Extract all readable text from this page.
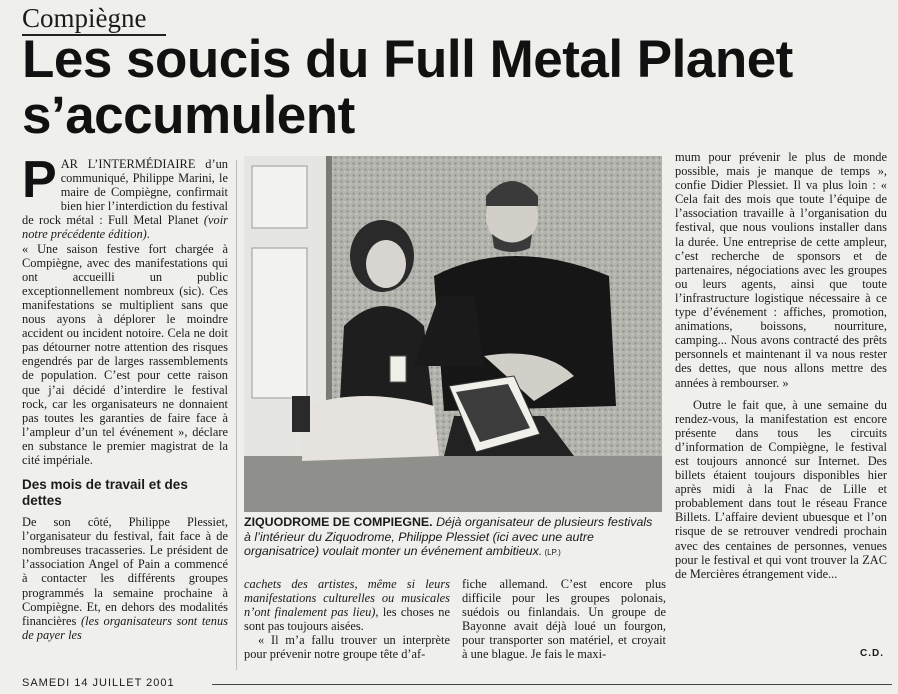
Compiègne
Les soucis du Full Metal Planet
s’accumulent

PAR L’INTERMÉDIAIRE d’un communiqué, Philippe Marini, le maire de Compiègne, confirmait bien hier l’interdiction du festival de rock métal : Full Metal Planet (voir notre précédente édition).

« Une saison festive fort chargée à Compiègne, avec des manifestations qui ont accueilli un public exceptionnellement nombreux (sic). Ces manifestations se multiplient sans que nous ayons à déplorer le moindre accident ou incident notoire. Cela ne doit pas détourner notre attention des risques engendrés par de larges rassemblements de population. C’est pour cette raison que j’ai décidé d’interdire le festival rock, car les organisateurs ne donnaient pas toutes les garanties de faire face à l’ampleur d’un tel événement », déclare en substance le premier magistrat de la cité impériale.

Des mois de travail et des dettes

De son côté, Philippe Plessiet, l’organisateur du festival, fait face à de nombreuses tracasseries. Le président de l’association Angel of Pain a commencé à contacter les différents groupes programmés la semaine prochaine à Compiègne. Et, en dehors des modalités financières (les organisateurs sont tenus de payer les

ZIQUODROME DE COMPIEGNE. Déjà organisateur de plusieurs festivals à l’intérieur du Ziquodrome, Philippe Plessiet (ici avec une autre organisatrice) voulait monter un événement ambitieux. (LP.)

cachets des artistes, même si leurs manifestations culturelles ou musicales n’ont finalement pas lieu), les choses ne sont pas toujours aisées.

« Il m’a fallu trouver un interprète pour prévenir notre groupe tête d’af-

fiche allemand. C’est encore plus difficile pour les groupes polonais, suédois ou finlandais. Un groupe de Bayonne avait déjà loué un fourgon, pour transporter son matériel, et croyait à une blague. Je fais le maxi-

mum pour prévenir le plus de monde possible, mais je manque de temps », confie Didier Plessiet. Il va plus loin : « Cela fait des mois que toute l’équipe de l’association travaille à l’organisation du festival, que nous voulions installer dans la durée. Une entreprise de cette ampleur, c’est recherche de sponsors et de partenaires, négociations avec les groupes ou leurs agents, ainsi que toute l’infrastructure logistique nécessaire à ce type d’événement : affiches, promotion, animations, boissons, nourriture, camping... Nous avons contracté des prêts personnels et maintenant il va nous rester des dettes, que nous allons mettre des années à rembourser. »

Outre le fait que, à une semaine du rendez-vous, la manifestation est encore présente dans tous les circuits d’information de Compiègne, le festival est toujours annoncé sur Internet. Des billets étaient toujours disponibles hier après midi à la Fnac de Lille et probablement dans tout le réseau France Billets. L’affaire devient ubuesque et l’on risque de se retrouver vendredi prochain avec des centaines de personnes, venues pour le festival et qui vont trouver la ZAC de Mercières étrangement vide...

C.D.
SAMEDI 14 JUILLET 2001
